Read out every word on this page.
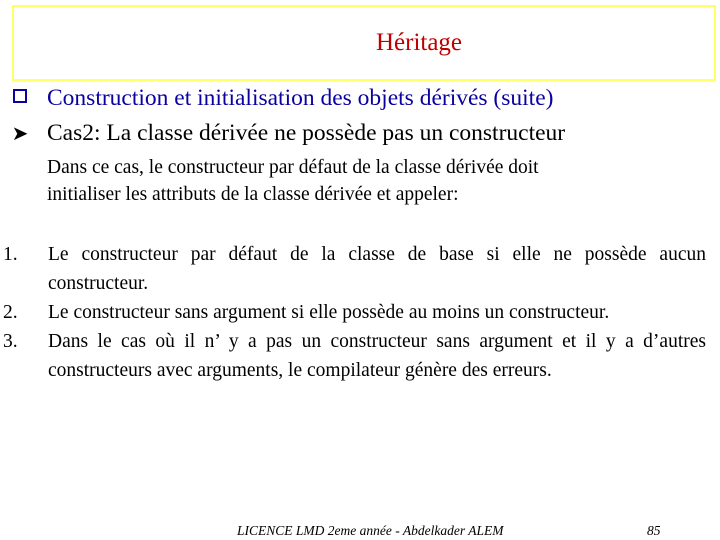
Héritage
Construction et initialisation des objets dérivés (suite)
➤ Cas2: La classe dérivée ne possède pas un constructeur
Dans ce cas, le constructeur par défaut de la classe dérivée doit
initialiser les attributs de la classe dérivée et appeler:
1. Le constructeur par défaut de la classe de base si elle ne possède aucun constructeur.
2. Le constructeur sans argument si elle possède au moins un constructeur.
3. Dans le cas où il n’ y a pas un constructeur sans argument et il y a d’autres constructeurs avec arguments, le compilateur génère des erreurs.
LICENCE LMD 2eme année - Abdelkader ALEM	85
